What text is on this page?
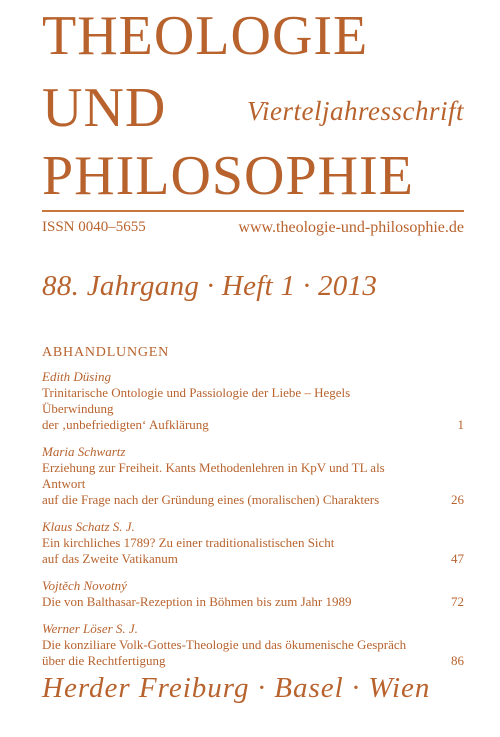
THEOLOGIE
UND
PHILOSOPHIE
Vierteljahresschrift
ISSN 0040–5655	www.theologie-und-philosophie.de
88. Jahrgang · Heft 1 · 2013
ABHANDLUNGEN
Edith Düsing
Trinitarische Ontologie und Passiologie der Liebe – Hegels Überwindung
der ‚unbefriedigten‘ Aufklärung	1
Maria Schwartz
Erziehung zur Freiheit. Kants Methodenlehren in KpV und TL als Antwort
auf die Frage nach der Gründung eines (moralischen) Charakters	26
Klaus Schatz S. J.
Ein kirchliches 1789? Zu einer traditionalistischen Sicht
auf das Zweite Vatikanum	47
Vojtěch Novotný
Die von Balthasar-Rezeption in Böhmen bis zum Jahr 1989	72
Werner Löser S. J.
Die konziliare Volk-Gottes-Theologie und das ökumenische Gespräch
über die Rechtfertigung	86
Herder Freiburg · Basel · Wien
